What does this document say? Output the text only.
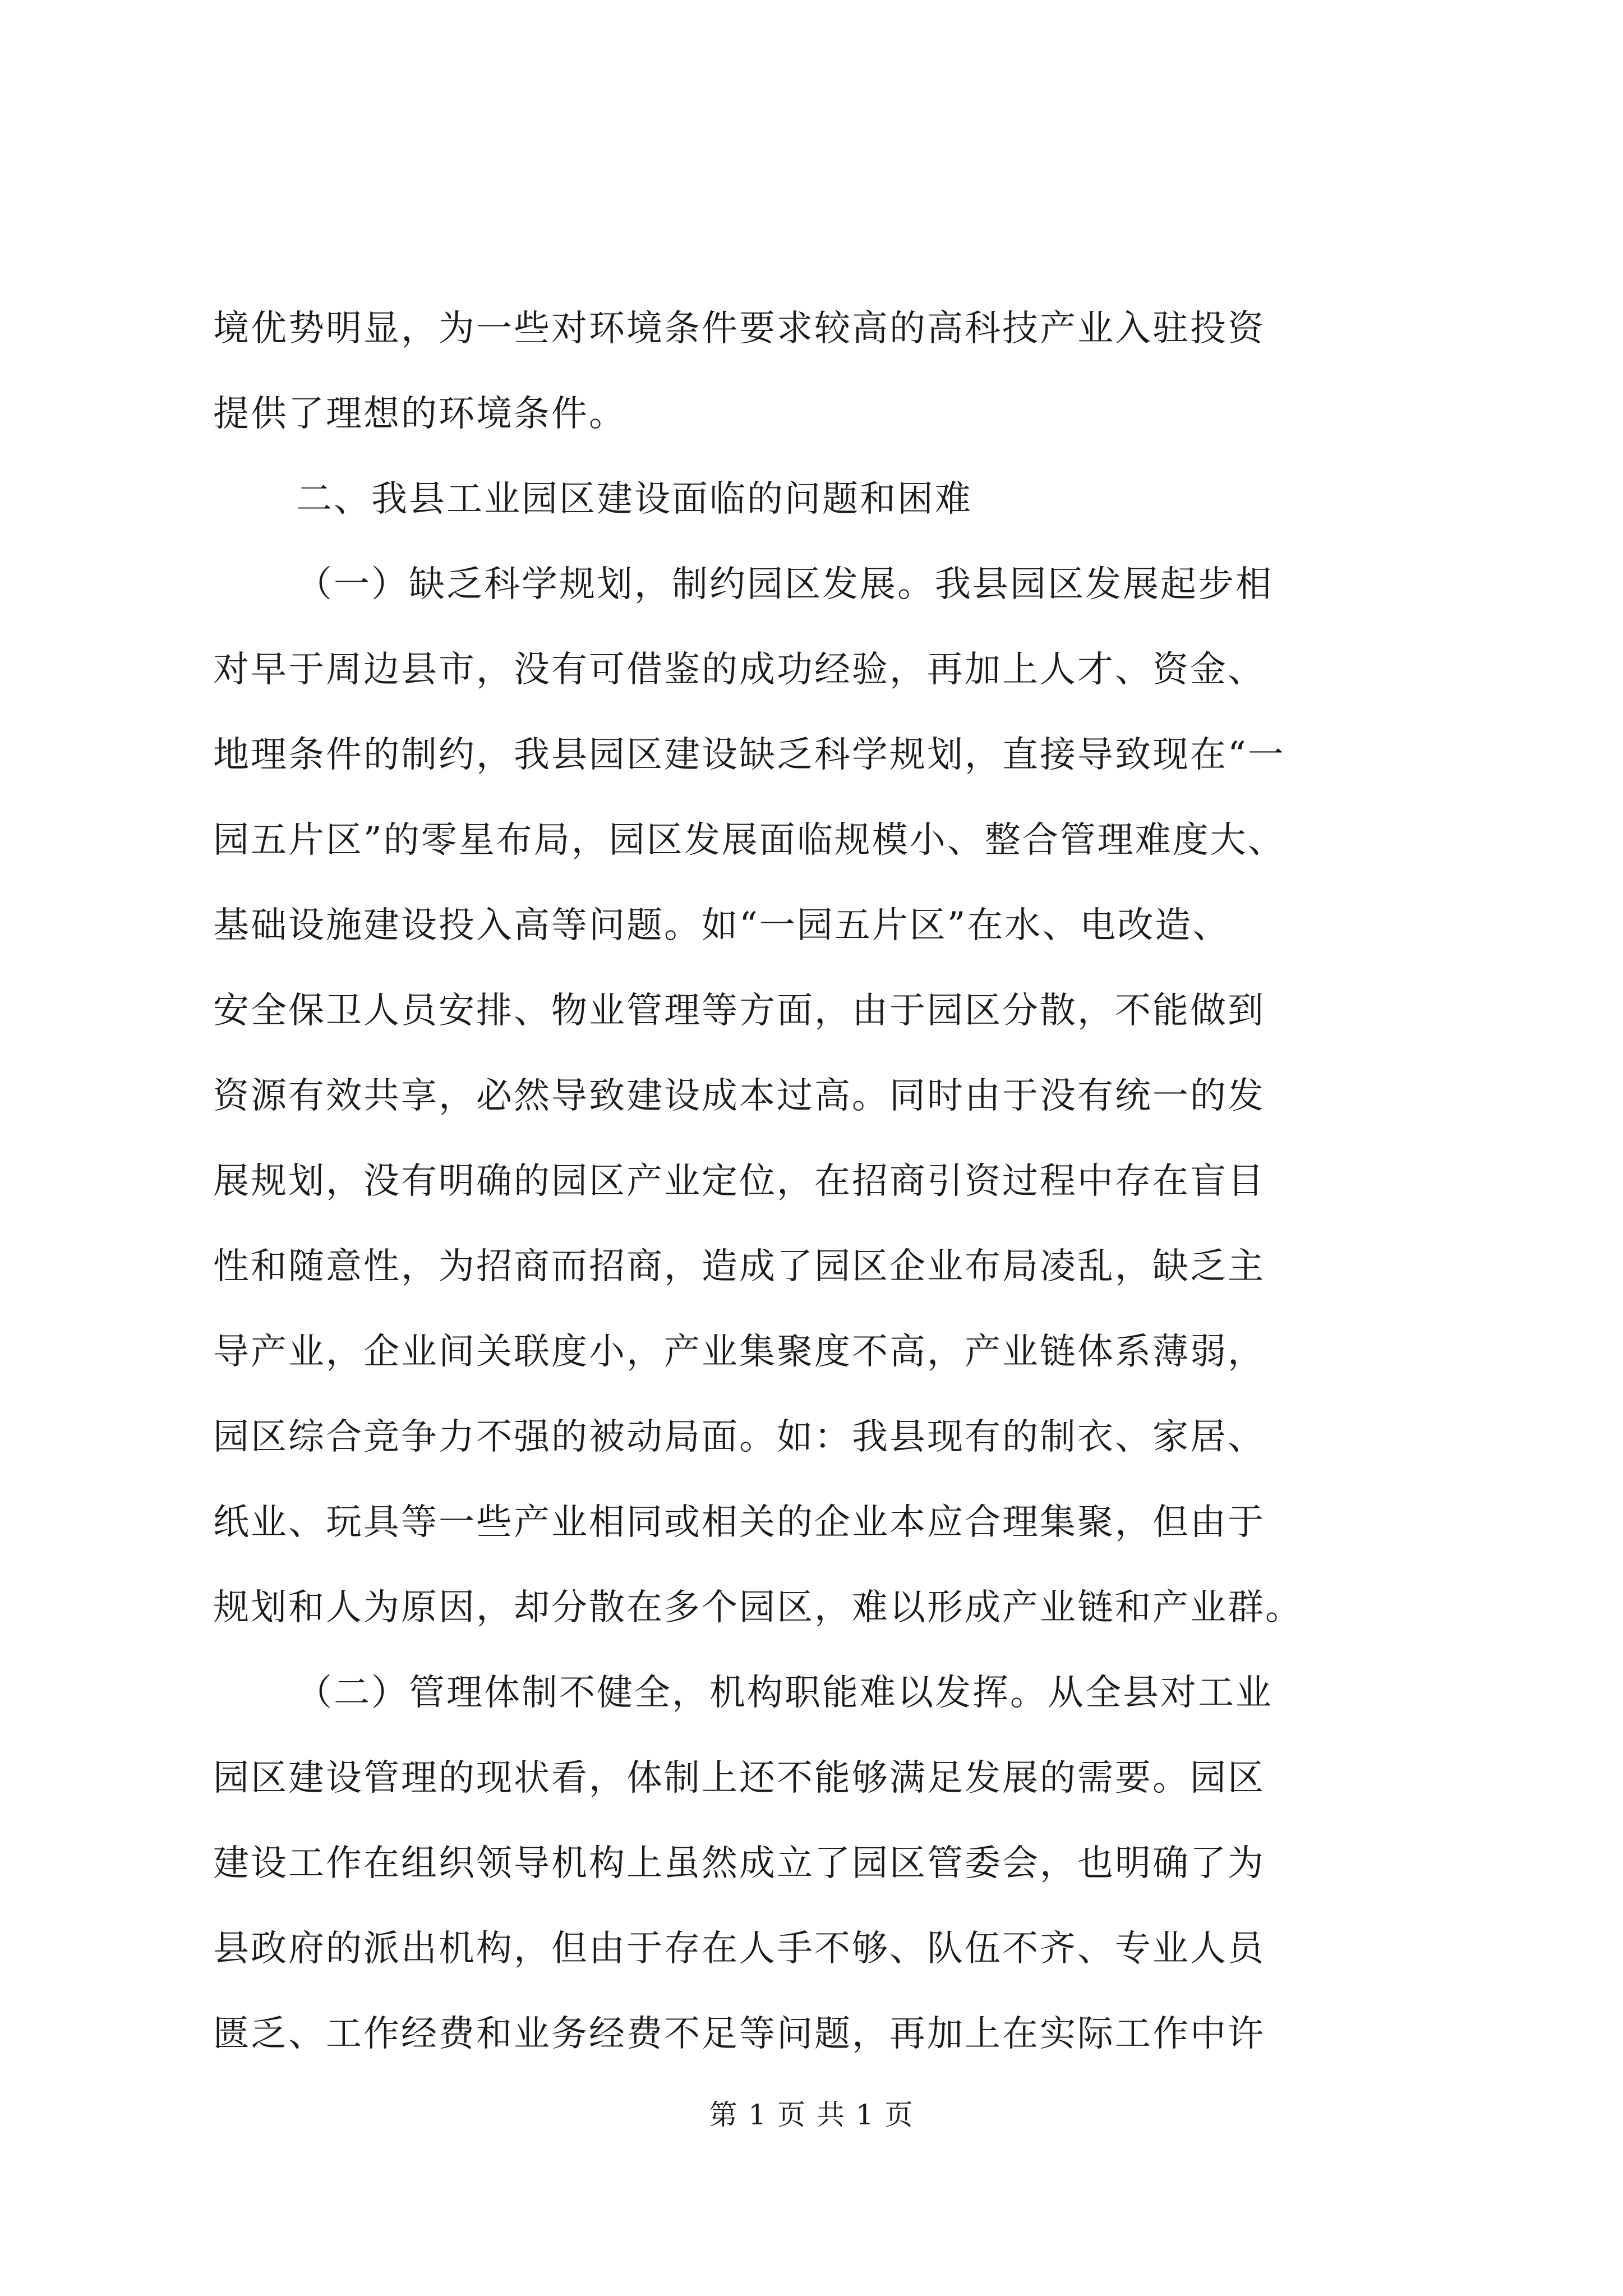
境优势明显，为一些对环境条件要求较高的高科技产业入驻投资
提供了理想的环境条件。
二、我县工业园区建设面临的问题和困难
（一）缺乏科学规划，制约园区发展。我县园区发展起步相
对早于周边县市，没有可借鉴的成功经验，再加上人才、资金、
地理条件的制约，我县园区建设缺乏科学规划，直接导致现在“一
园五片区”的零星布局，园区发展面临规模小、整合管理难度大、
基础设施建设投入高等问题。如“一园五片区”在水、电改造、
安全保卫人员安排、物业管理等方面，由于园区分散，不能做到
资源有效共享，必然导致建设成本过高。同时由于没有统一的发
展规划，没有明确的园区产业定位，在招商引资过程中存在盲目
性和随意性，为招商而招商，造成了园区企业布局凌乱，缺乏主
导产业，企业间关联度小，产业集聚度不高，产业链体系薄弱，
园区综合竞争力不强的被动局面。如：我县现有的制衣、家居、
纸业、玩具等一些产业相同或相关的企业本应合理集聚，但由于
规划和人为原因，却分散在多个园区，难以形成产业链和产业群。
（二）管理体制不健全，机构职能难以发挥。从全县对工业
园区建设管理的现状看，体制上还不能够满足发展的需要。园区
建设工作在组织领导机构上虽然成立了园区管委会，也明确了为
县政府的派出机构，但由于存在人手不够、队伍不齐、专业人员
匮乏、工作经费和业务经费不足等问题，再加上在实际工作中许
第 1 页 共 1 页
